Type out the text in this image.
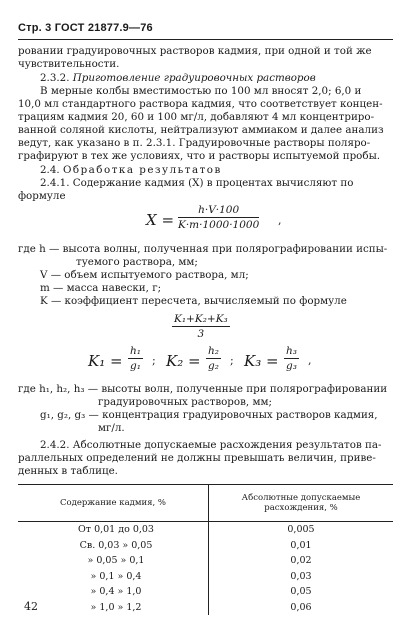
Стр. 3 ГОСТ 21877.9—76
ровании градуировочных растворов кадмия, при одной и той же
чувствительности.
2.3.2. Приготовление градуировочных растворов
В мерные колбы вместимостью по 100 мл вносят 2,0; 6,0 и
10,0 мл стандартного раствора кадмия, что соответствует концен-
трациям кадмия 20, 60 и 100 мг/л, добавляют 4 мл концентриро-
ванной соляной кислоты, нейтрализуют аммиаком и далее анализ
ведут, как указано в п. 2.3.1. Градуировочные растворы поляро-
графируют в тех же условиях, что и растворы испытуемой пробы.
2.4. Обработка результатов
2.4.1. Содержание кадмия (X) в процентах вычисляют по
формуле
$X = \frac{h\cdot V\cdot 100}{K\cdot m\cdot 1000\cdot 1000}$ ,
где h — высота волны, полученная при полярографировании испы-
туемого раствора, мм;
V — объем испытуемого раствора, мл;
m — масса навески, г;
K — коэффициент пересчета, вычисляемый по формуле
$\frac{\text{K₁+K₂+K₃}}{3}$
$K_1 = \frac{\text{h₁}}{\text{g₁}}$ ; $K_2 = \frac{\text{h₂}}{\text{g₂}}$ ; $K_3 = \frac{\text{h₃}}{\text{g₃}}$ ,
где h₁, h₂, h₃ — высоты волн, полученные при полярографировании
градуировочных растворов, мм;
g₁, g₂, g₃ — концентрация градуировочных растворов кадмия,
мг/л.
2.4.2. Абсолютные допускаемые расхождения результатов па-
раллельных определений не должны превышать величин, приве-
денных в таблице.
Содержание кадмия, %	Абсолютные допускаемые расхождения, %
От 0,01 до 0,03	0,005
Св. 0,03 » 0,05	0,01
» 0,05 » 0,1	0,02
» 0,1 » 0,4	0,03
» 0,4 » 1,0	0,05
» 1,0 » 1,2	0,06
42
